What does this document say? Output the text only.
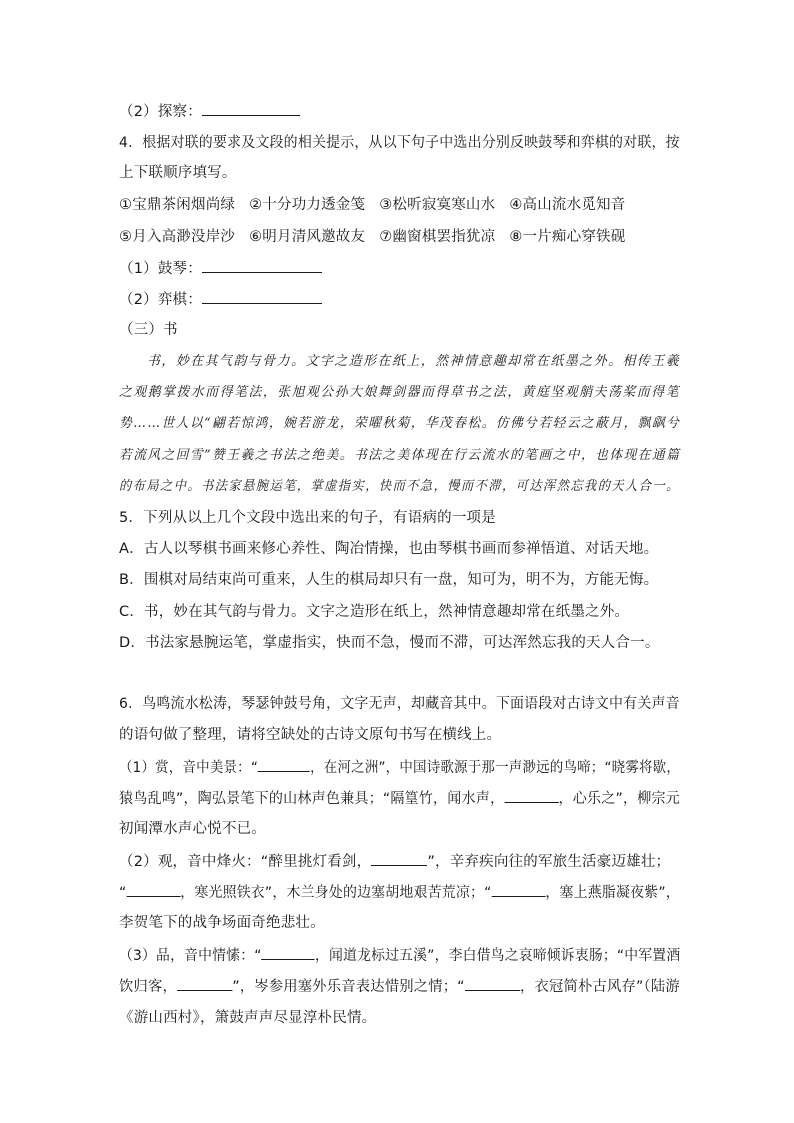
（2）探察：
4．根据对联的要求及文段的相关提示，从以下句子中选出分别反映鼓琴和弈棋的对联，按
上下联顺序填写。
①宝鼎茶闲烟尚绿 ②十分功力透金笺 ③松听寂寞寒山水 ④高山流水觅知音
⑤月入高渺没岸沙 ⑥明月清风邀故友 ⑦幽窗棋罢指犹凉 ⑧一片痴心穿铁砚
（1）鼓琴：
（2）弈棋：
（三）书
书，妙在其气韵与骨力。文字之造形在纸上，然神情意趣却常在纸墨之外。相传王羲
之观鹅掌拨水而得笔法，张旭观公孙大娘舞剑器而得草书之法，黄庭坚观艄夫荡桨而得笔
势……世人以“翩若惊鸿，婉若游龙，荣曜秋菊，华茂春松。仿佛兮若轻云之蔽月，飘飖兮
若流风之回雪”赞王羲之书法之绝美。书法之美体现在行云流水的笔画之中，也体现在通篇
的布局之中。书法家悬腕运笔，掌虚指实，快而不急，慢而不滞，可达浑然忘我的天人合一。
5．下列从以上几个文段中选出来的句子，有语病的一项是
A．古人以琴棋书画来修心养性、陶冶情操，也由琴棋书画而参禅悟道、对话天地。
B．围棋对局结束尚可重来，人生的棋局却只有一盘，知可为，明不为，方能无悔。
C．书，妙在其气韵与骨力。文字之造形在纸上，然神情意趣却常在纸墨之外。
D．书法家悬腕运笔，掌虚指实，快而不急，慢而不滞，可达浑然忘我的天人合一。
6．鸟鸣流水松涛，琴瑟钟鼓号角，文字无声，却藏音其中。下面语段对古诗文中有关声音
的语句做了整理，请将空缺处的古诗文原句书写在横线上。
（1）赏，音中美景：“	，在河之洲”，中国诗歌源于那一声渺远的鸟啼；“晓雾将歇，
猿鸟乱鸣”，陶弘景笔下的山林声色兼具；“隔篁竹，闻水声，	，心乐之”，柳宗元
初闻潭水声心悦不已。
（2）观，音中烽火：“醉里挑灯看剑，	”，辛弃疾向往的军旅生活豪迈雄壮；
“	，寒光照铁衣”，木兰身处的边塞胡地艰苦荒凉；“	，塞上燕脂凝夜紫”，
李贺笔下的战争场面奇绝悲壮。
（3）品，音中情愫：“	，闻道龙标过五溪”，李白借鸟之哀啼倾诉衷肠；“中军置酒
饮归客，	”，岑参用塞外乐音表达惜别之情；“	，衣冠简朴古风存”（陆游
《游山西村》，箫鼓声声尽显淳朴民情。
